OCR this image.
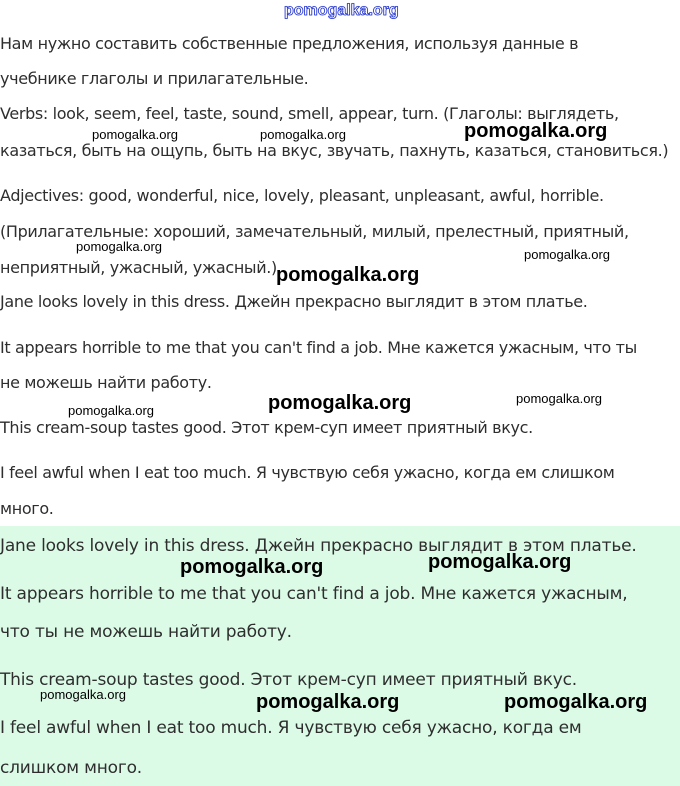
pomogalka.org
Нам нужно составить собственные предложения, используя данные в
учебнике глаголы и прилагательные.
Verbs: look, seem, feel, taste, sound, smell, appear, turn. (Глаголы: выглядеть,
казаться, быть на ощупь, быть на вкус, звучать, пахнуть, казаться, становиться.)
Adjectives: good, wonderful, nice, lovely, pleasant, unpleasant, awful, horrible.
(Прилагательные: хороший, замечательный, милый, прелестный, приятный,
неприятный, ужасный, ужасный.)
Jane looks lovely in this dress. Джейн прекрасно выглядит в этом платье.
It appears horrible to me that you can't find a job. Мне кажется ужасным, что ты
не можешь найти работу.
This cream-soup tastes good. Этот крем-суп имеет приятный вкус.
I feel awful when I eat too much. Я чувствую себя ужасно, когда ем слишком
много.
Jane looks lovely in this dress. Джейн прекрасно выглядит в этом платье.
It appears horrible to me that you can't find a job. Мне кажется ужасным,
что ты не можешь найти работу.
This cream-soup tastes good. Этот крем-суп имеет приятный вкус.
I feel awful when I eat too much. Я чувствую себя ужасно, когда ем
слишком много.
pomogalka.org	pomogalka.org	pomogalka.org
pomogalka.org
pomogalka.org
pomogalka.org
pomogalka.org	pomogalka.org	pomogalka.org
pomogalka.org	pomogalka.org
pomogalka.org	pomogalka.org	pomogalka.org
